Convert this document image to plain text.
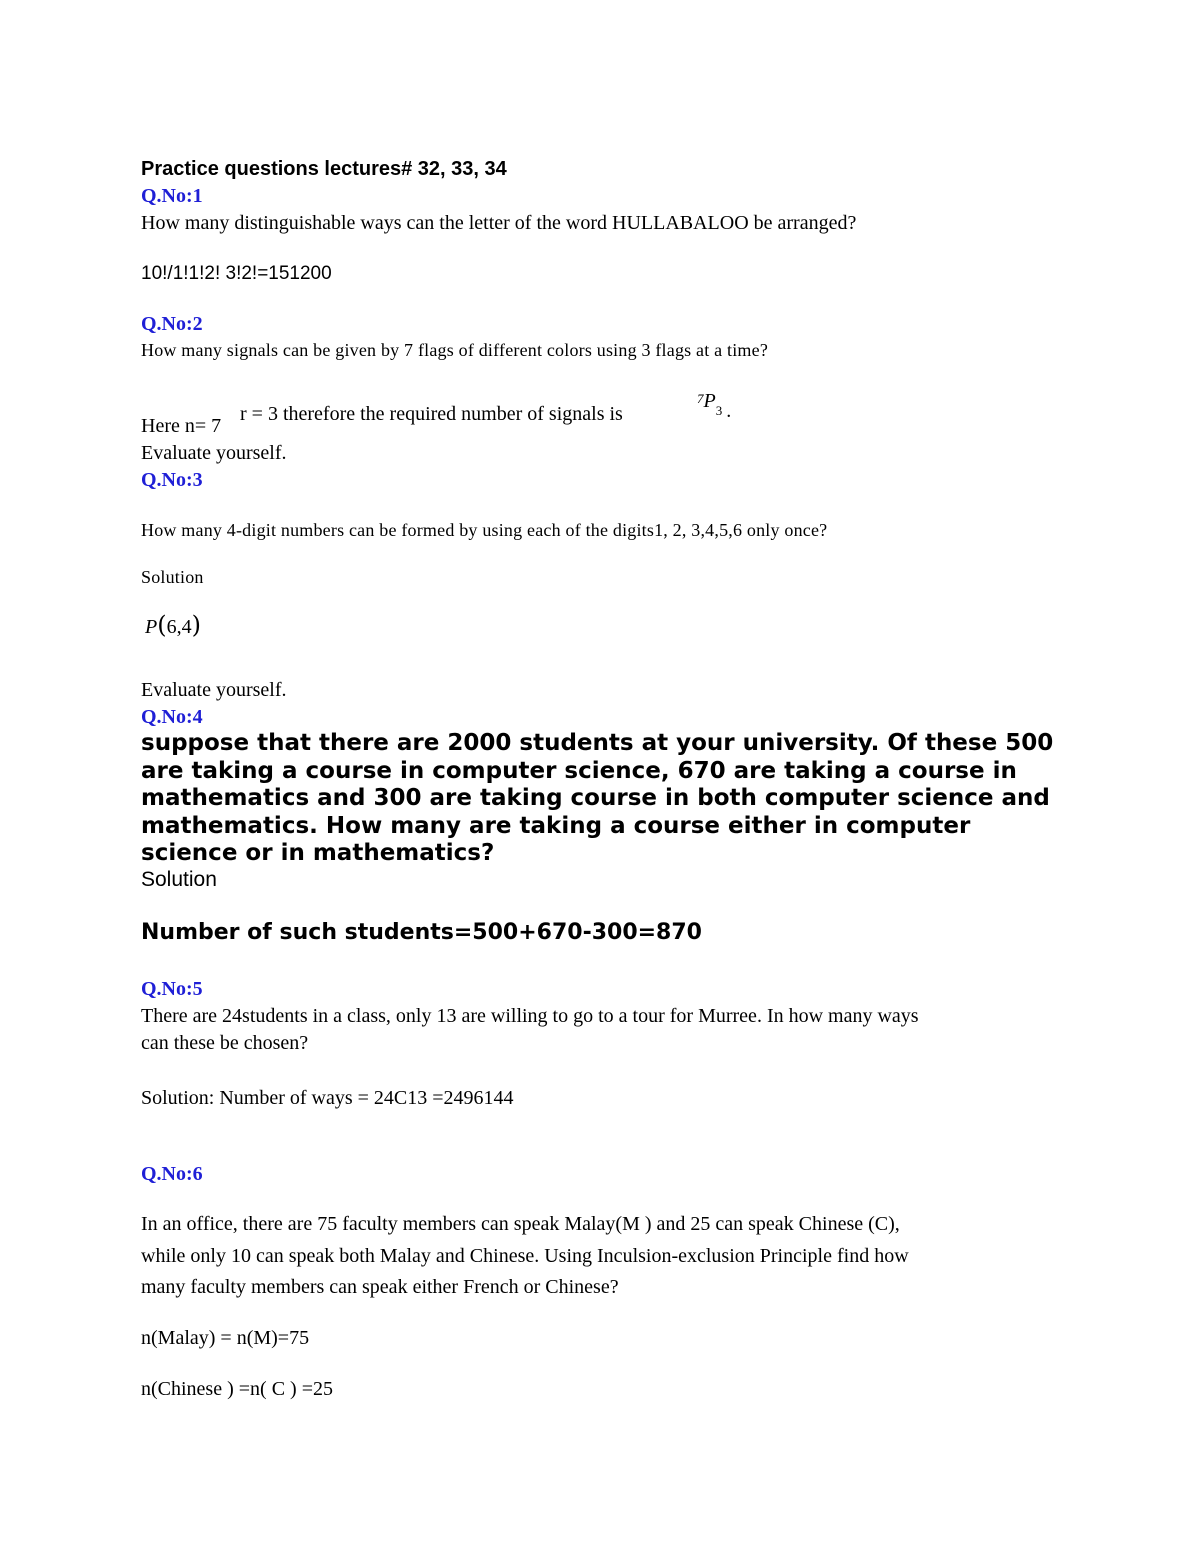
Practice questions lectures# 32, 33, 34
Q.No:1
How many distinguishable ways can the letter of the word HULLABALOO be arranged?
10!/1!1!2! 3!2!=151200
Q.No:2
How many signals can be given by 7 flags of different colors using 3 flags at a time?
Here n= 7
r = 3 therefore the required number of signals is
$^7P_3$ .
Evaluate yourself.
Q.No:3
How many 4-digit numbers can be formed by using each of the digits1, 2, 3,4,5,6 only once?
Solution
P(6,4)
Evaluate yourself.
Q.No:4
suppose that there are 2000 students at your university. Of these 500 are taking a course in computer science, 670 are taking a course in mathematics and 300 are taking course in both computer science and mathematics. How many are taking a course either in computer science or in mathematics?
Solution
Number of such students=500+670-300=870
Q.No:5
There are 24students in a class, only 13 are willing to go to a tour for Murree. In how many ways
can these be chosen?
Solution: Number of ways = 24C13 =2496144
Q.No:6
In an office, there are 75 faculty members can speak Malay(M ) and 25 can speak Chinese (C),
while only 10 can speak both Malay and Chinese. Using Inculsion-exclusion Principle find how
many faculty members can speak either French or Chinese?
n(Malay) = n(M)=75
n(Chinese ) =n( C ) =25
